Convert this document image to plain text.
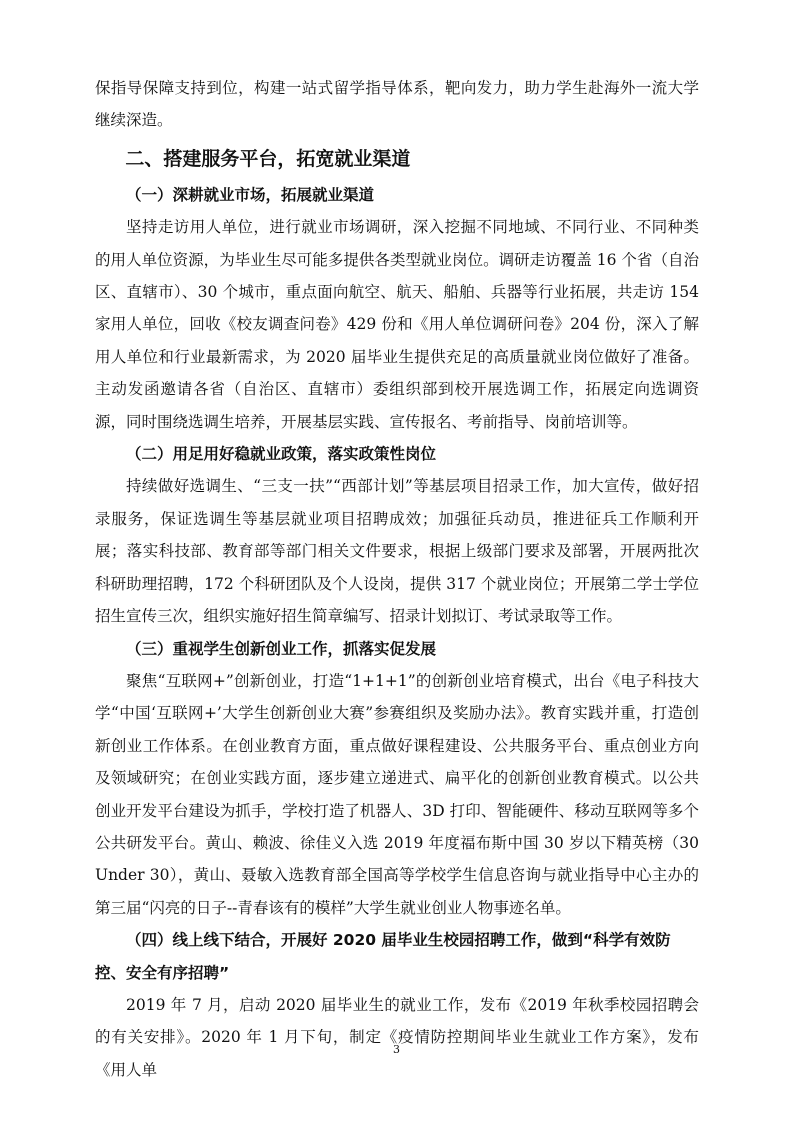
保指导保障支持到位，构建一站式留学指导体系，靶向发力，助力学生赴海外一流大学继续深造。

二、搭建服务平台，拓宽就业渠道
（一）深耕就业市场，拓展就业渠道

坚持走访用人单位，进行就业市场调研，深入挖掘不同地域、不同行业、不同种类的用人单位资源，为毕业生尽可能多提供各类型就业岗位。调研走访覆盖 16 个省（自治区、直辖市）、30 个城市，重点面向航空、航天、船舶、兵器等行业拓展，共走访 154 家用人单位，回收《校友调查问卷》429 份和《用人单位调研问卷》204 份，深入了解用人单位和行业最新需求，为 2020 届毕业生提供充足的高质量就业岗位做好了准备。主动发函邀请各省（自治区、直辖市）委组织部到校开展选调工作，拓展定向选调资源，同时围绕选调生培养，开展基层实践、宣传报名、考前指导、岗前培训等。

（二）用足用好稳就业政策，落实政策性岗位

持续做好选调生、“三支一扶”“西部计划”等基层项目招录工作，加大宣传，做好招录服务，保证选调生等基层就业项目招聘成效；加强征兵动员，推进征兵工作顺利开展；落实科技部、教育部等部门相关文件要求，根据上级部门要求及部署，开展两批次科研助理招聘，172 个科研团队及个人设岗，提供 317 个就业岗位；开展第二学士学位招生宣传三次，组织实施好招生简章编写、招录计划拟订、考试录取等工作。

（三）重视学生创新创业工作，抓落实促发展

聚焦“互联网+”创新创业，打造“1+1+1”的创新创业培育模式，出台《电子科技大学“中国‘互联网+’大学生创新创业大赛”参赛组织及奖励办法》。教育实践并重，打造创新创业工作体系。在创业教育方面，重点做好课程建设、公共服务平台、重点创业方向及领域研究；在创业实践方面，逐步建立递进式、扁平化的创新创业教育模式。以公共创业开发平台建设为抓手，学校打造了机器人、3D 打印、智能硬件、移动互联网等多个公共研发平台。黄山、赖波、徐佳义入选 2019 年度福布斯中国 30 岁以下精英榜（30 Under 30），黄山、聂敏入选教育部全国高等学校学生信息咨询与就业指导中心主办的第三届“闪亮的日子--青春该有的模样”大学生就业创业人物事迹名单。

（四）线上线下结合，开展好 2020 届毕业生校园招聘工作，做到“科学有效防控、安全有序招聘”

2019 年 7 月，启动 2020 届毕业生的就业工作，发布《2019 年秋季校园招聘会的有关安排》。2020 年 1 月下旬，制定《疫情防控期间毕业生就业工作方案》，发布《用人单

3
